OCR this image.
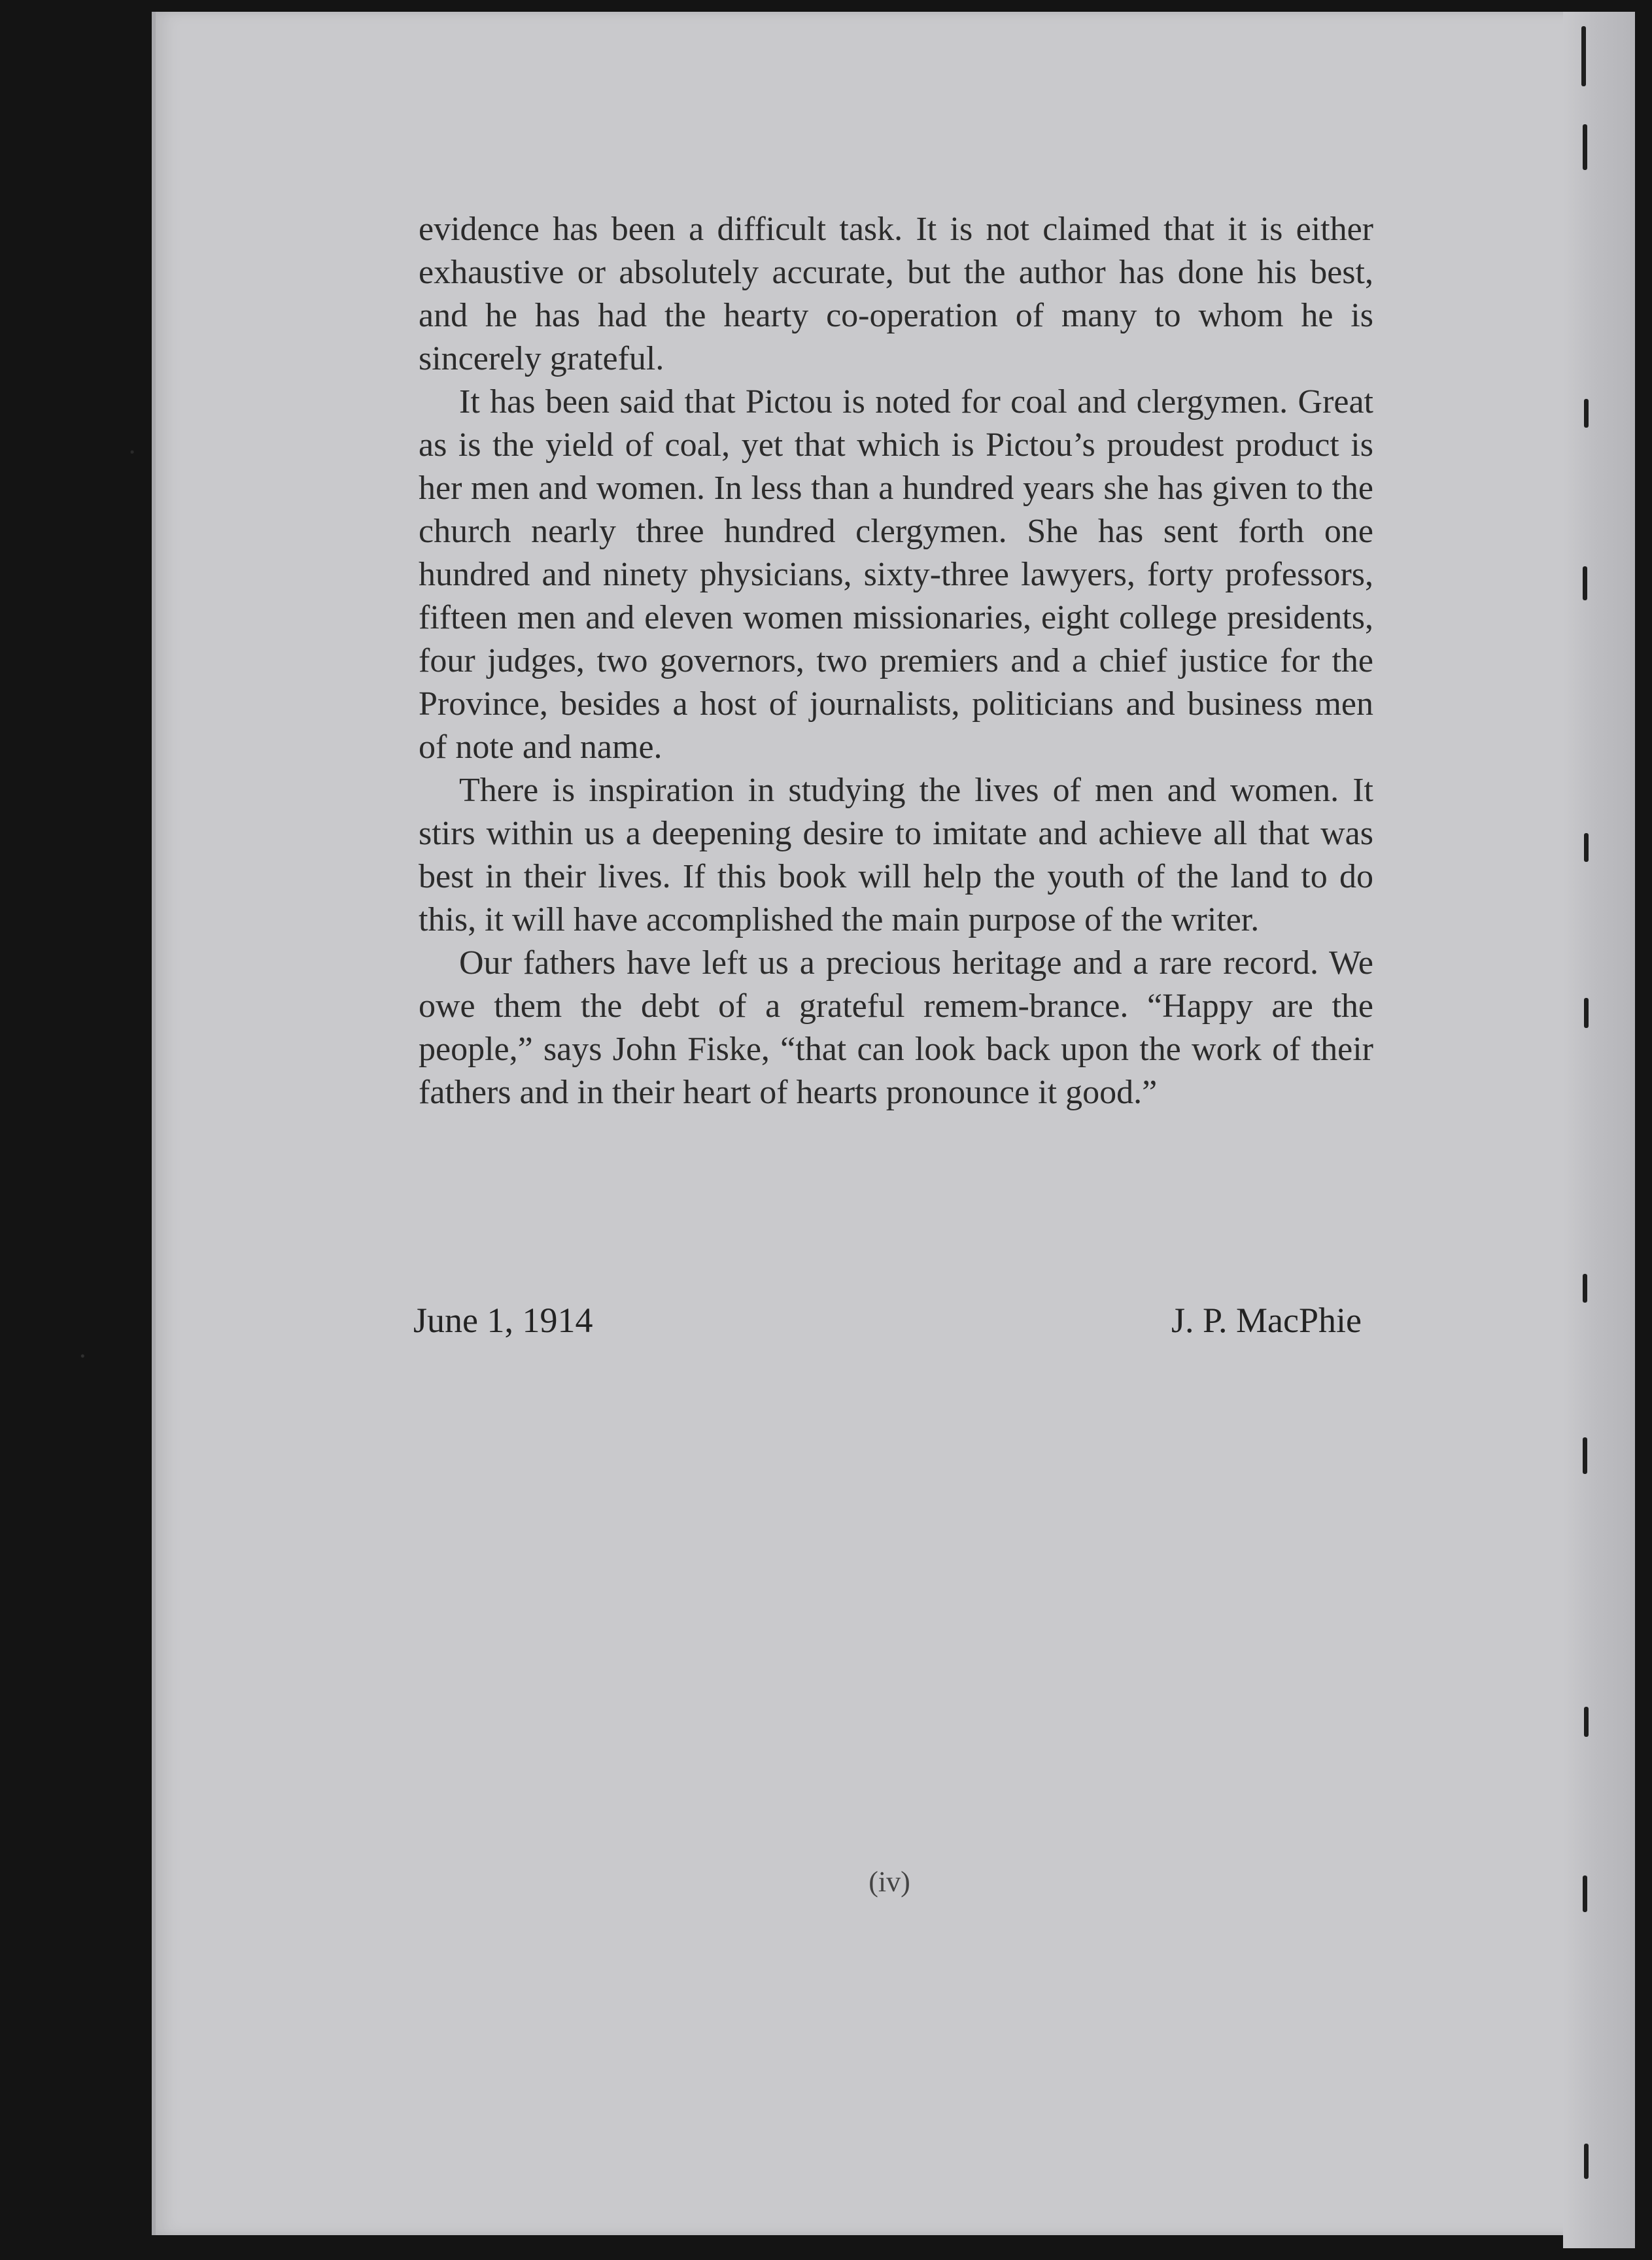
evidence has been a difficult task. It is not claimed that it is either exhaustive or absolutely accurate, but the author has done his best, and he has had the hearty co-operation of many to whom he is sincerely grateful.

It has been said that Pictou is noted for coal and clergymen. Great as is the yield of coal, yet that which is Pictou’s proudest product is her men and women. In less than a hundred years she has given to the church nearly three hundred clergymen. She has sent forth one hundred and ninety physicians, sixty-three lawyers, forty professors, fifteen men and eleven women missionaries, eight college presidents, four judges, two governors, two premiers and a chief justice for the Province, besides a host of journalists, politicians and business men of note and name.

There is inspiration in studying the lives of men and women. It stirs within us a deepening desire to imitate and achieve all that was best in their lives. If this book will help the youth of the land to do this, it will have accomplished the main purpose of the writer.

Our fathers have left us a precious heritage and a rare record. We owe them the debt of a grateful remem-brance. “Happy are the people,” says John Fiske, “that can look back upon the work of their fathers and in their heart of hearts pronounce it good.”

June 1, 1914	J. P. MacPhie
(iv)
